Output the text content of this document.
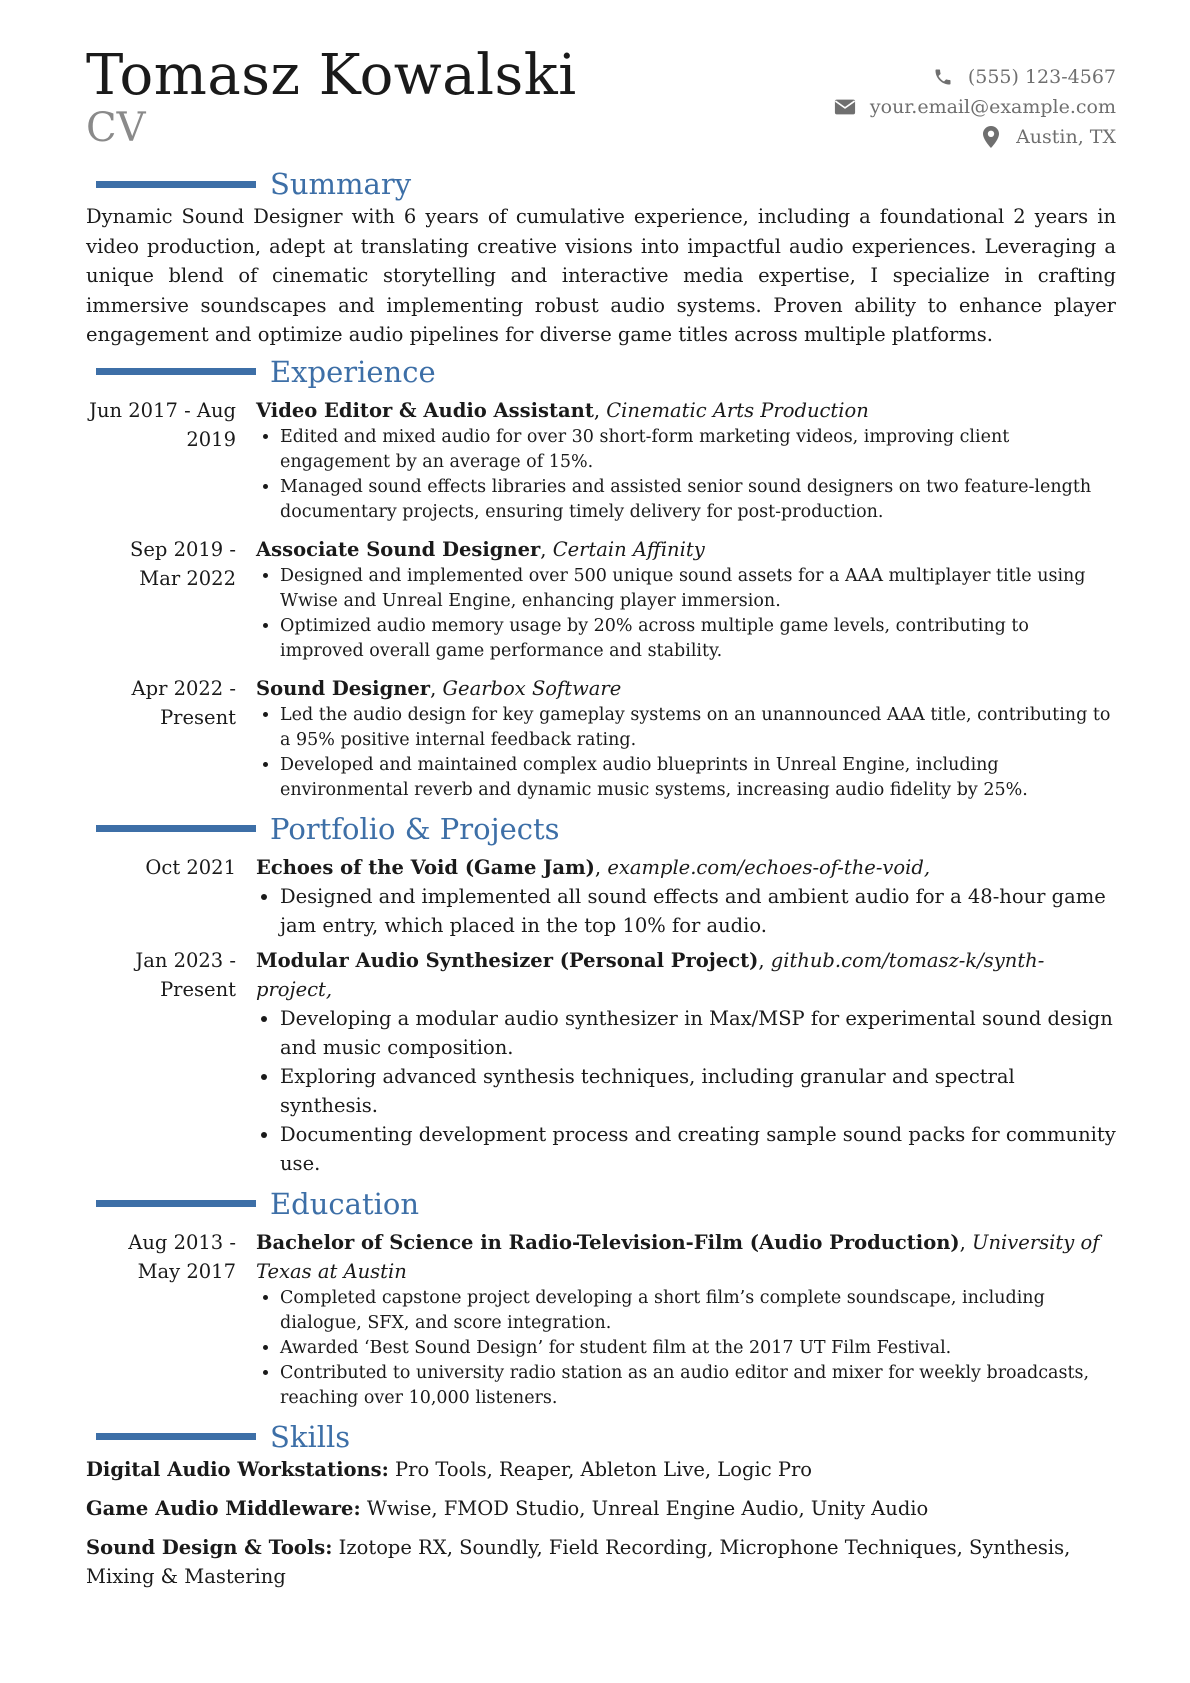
Tomasz Kowalski
CV
(555) 123-4567
your.email@example.com
Austin, TX
Summary

Dynamic Sound Designer with 6 years of cumulative experience, including a foundational 2 years in video production, adept at translating creative visions into impactful audio experiences. Leveraging a unique blend of cinematic storytelling and interactive media expertise, I specialize in crafting immersive soundscapes and implementing robust audio systems. Proven ability to enhance player engagement and optimize audio pipelines for diverse game titles across multiple platforms.

Experience
Jun 2017 - Aug 2019
Video Editor & Audio Assistant, Cinematic Arts Production
• Edited and mixed audio for over 30 short-form marketing videos, improving client engagement by an average of 15%.
• Managed sound effects libraries and assisted senior sound designers on two feature-length documentary projects, ensuring timely delivery for post-production.
Sep 2019 - Mar 2022
Associate Sound Designer, Certain Affinity
• Designed and implemented over 500 unique sound assets for a AAA multiplayer title using Wwise and Unreal Engine, enhancing player immersion.
• Optimized audio memory usage by 20% across multiple game levels, contributing to improved overall game performance and stability.
Apr 2022 - Present
Sound Designer, Gearbox Software
• Led the audio design for key gameplay systems on an unannounced AAA title, contributing to a 95% positive internal feedback rating.
• Developed and maintained complex audio blueprints in Unreal Engine, including environmental reverb and dynamic music systems, increasing audio fidelity by 25%.
Portfolio & Projects
Oct 2021	Echoes of the Void (Game Jam), example.com/echoes-of-the-void,
• Designed and implemented all sound effects and ambient audio for a 48-hour game jam entry, which placed in the top 10% for audio.
Jan 2023 - Present
Modular Audio Synthesizer (Personal Project), github.com/tomasz-k/synth-project,
• Developing a modular audio synthesizer in Max/MSP for experimental sound design and music composition.
• Exploring advanced synthesis techniques, including granular and spectral synthesis.
• Documenting development process and creating sample sound packs for community use.
Education
Aug 2013 - May 2017
Bachelor of Science in Radio-Television-Film (Audio Production), University of Texas at Austin
• Completed capstone project developing a short film’s complete soundscape, including dialogue, SFX, and score integration.
• Awarded ‘Best Sound Design’ for student film at the 2017 UT Film Festival.
• Contributed to university radio station as an audio editor and mixer for weekly broadcasts, reaching over 10,000 listeners.
Skills
Digital Audio Workstations: Pro Tools, Reaper, Ableton Live, Logic Pro
Game Audio Middleware: Wwise, FMOD Studio, Unreal Engine Audio, Unity Audio
Sound Design & Tools: Izotope RX, Soundly, Field Recording, Microphone Techniques, Synthesis, Mixing & Mastering
